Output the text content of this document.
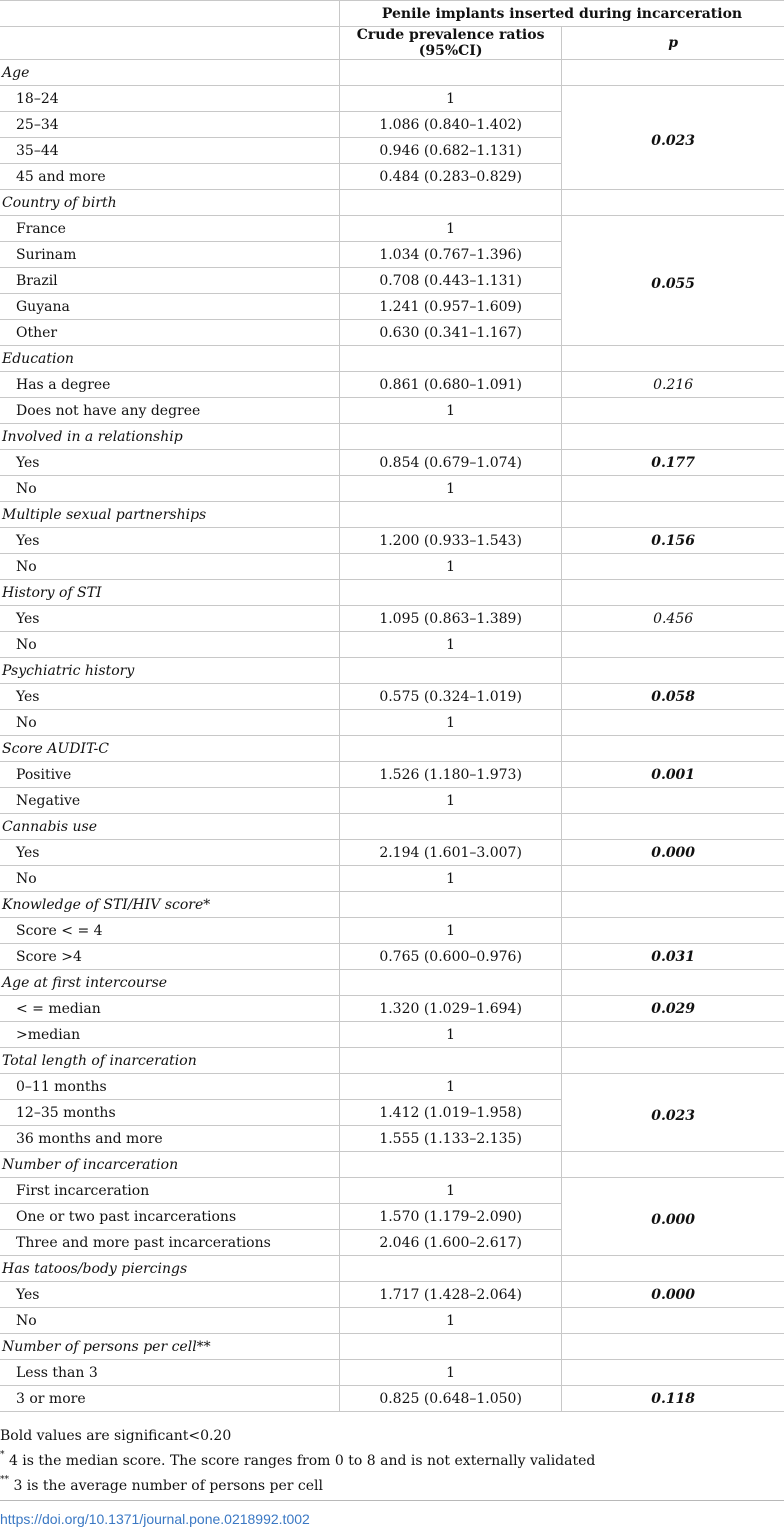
	Penile implants inserted during incarceration	
	Crude prevalence ratios (95%CI)	p
Age		
18–24	1	0.023
25–34	1.086 (0.840–1.402)	
35–44	0.946 (0.682–1.131)	
45 and more	0.484 (0.283–0.829)	
Country of birth		
France	1	0.055
Surinam	1.034 (0.767–1.396)	
Brazil	0.708 (0.443–1.131)	
Guyana	1.241 (0.957–1.609)	
Other	0.630 (0.341–1.167)	
Education		
Has a degree	0.861 (0.680–1.091)	0.216
Does not have any degree	1	
Involved in a relationship		
Yes	0.854 (0.679–1.074)	0.177
No	1	
Multiple sexual partnerships		
Yes	1.200 (0.933–1.543)	0.156
No	1	
History of STI		
Yes	1.095 (0.863–1.389)	0.456
No	1	
Psychiatric history		
Yes	0.575 (0.324–1.019)	0.058
No	1	
Score AUDIT-C		
Positive	1.526 (1.180–1.973)	0.001
Negative	1	
Cannabis use		
Yes	2.194 (1.601–3.007)	0.000
No	1	
Knowledge of STI/HIV score*		
Score < = 4	1	
Score >4	0.765 (0.600–0.976)	0.031
Age at first intercourse		
< = median	1.320 (1.029–1.694)	0.029
>median	1	
Total length of inarceration		
0–11 months	1	0.023
12–35 months	1.412 (1.019–1.958)	
36 months and more	1.555 (1.133–2.135)	
Number of incarceration		
First incarceration	1	0.000
One or two past incarcerations	1.570 (1.179–2.090)	
Three and more past incarcerations	2.046 (1.600–2.617)	
Has tatoos/body piercings		
Yes	1.717 (1.428–2.064)	0.000
No	1	
Number of persons per cell**		
Less than 3	1	
3 or more	0.825 (0.648–1.050)	0.118
Bold values are significant<0.20
* 4 is the median score. The score ranges from 0 to 8 and is not externally validated
** 3 is the average number of persons per cell
https://doi.org/10.1371/journal.pone.0218992.t002
